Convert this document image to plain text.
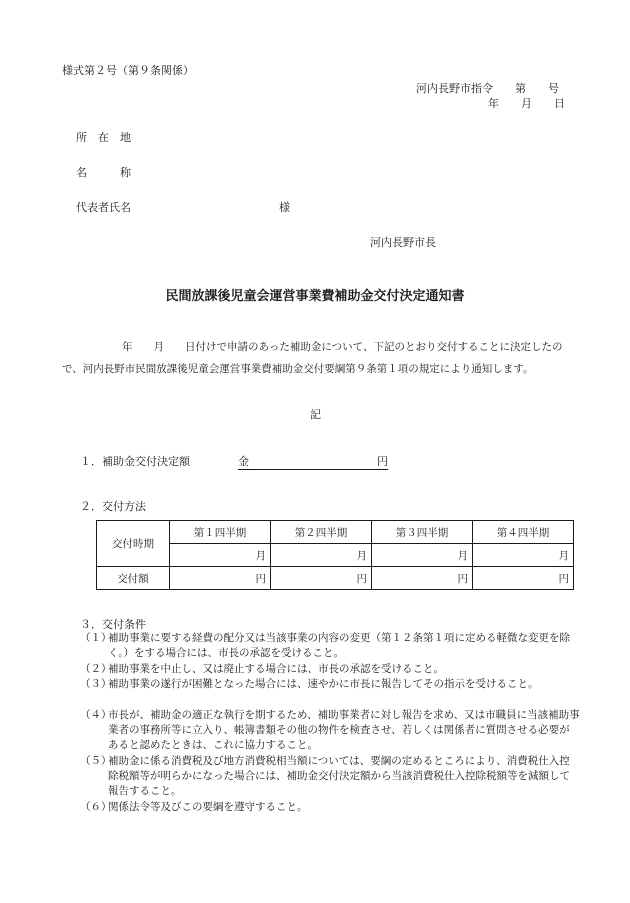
様式第２号（第９条関係）
河内長野市指令　　第　　号
年　　月　　日
所　在　地
名　　　称
代表者氏名	様
河内長野市長
民間放課後児童会運営事業費補助金交付決定通知書
年　　月　　日付けで申請のあった補助金について、下記のとおり交付することに決定したので、河内長野市民間放課後児童会運営事業費補助金交付要綱第９条第１項の規定により通知します。
記
１．補助金交付決定額	金	円
２．交付方法
交付時期	第１四半期	第２四半期	第３四半期	第４四半期
	月	月	月	月
交付額	円	円	円	円
３．交付条件
（１）
補助事業に要する経費の配分又は当該事業の内容の変更（第１２条第１項に定める軽微な変更を除く。）をする場合には、市長の承認を受けること。
（２）
補助事業を中止し、又は廃止する場合には、市長の承認を受けること。
（３）
補助事業の遂行が困難となった場合には、速やかに市長に報告してその指示を受けること。
（４）
市長が、補助金の適正な執行を期するため、補助事業者に対し報告を求め、又は市職員に当該補助事業者の事務所等に立入り、帳簿書類その他の物件を検査させ、若しくは関係者に質問させる必要があると認めたときは、これに協力すること。
（５）
補助金に係る消費税及び地方消費税相当額については、要綱の定めるところにより、消費税仕入控除税額等が明らかになった場合には、補助金交付決定額から当該消費税仕入控除税額等を減額して報告すること。
（６）
関係法令等及びこの要綱を遵守すること。
